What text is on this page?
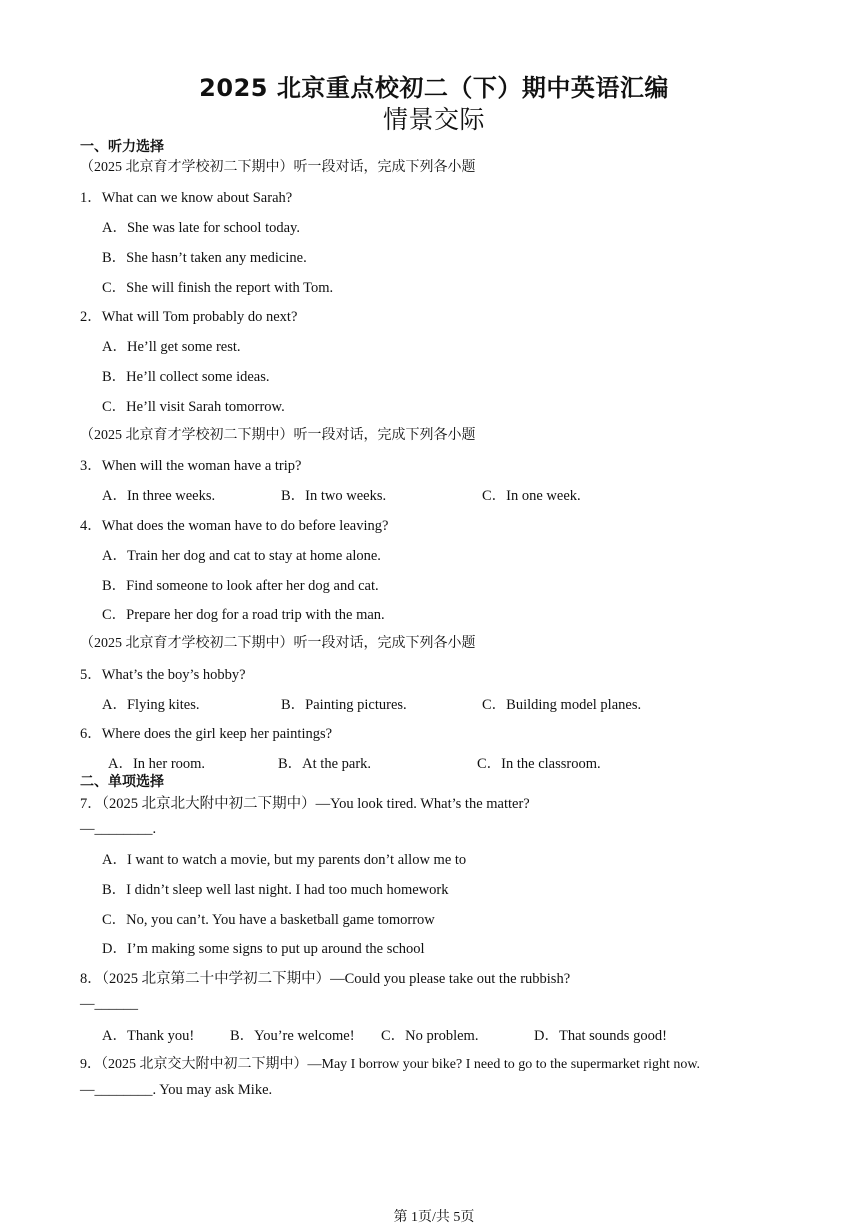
2025 北京重点校初二（下）期中英语汇编
情景交际
一、听力选择
（2025 北京育才学校初二下期中）听一段对话，完成下列各小题
1．What can we know about Sarah?
A．She was late for school today.
B．She hasn’t taken any medicine.
C．She will finish the report with Tom.
2．What will Tom probably do next?
A．He’ll get some rest.
B．He’ll collect some ideas.
C．He’ll visit Sarah tomorrow.
（2025 北京育才学校初二下期中）听一段对话，完成下列各小题
3．When will the woman have a trip?
A．In three weeks.	B．In two weeks.	C．In one week.
4．What does the woman have to do before leaving?
A．Train her dog and cat to stay at home alone.
B．Find someone to look after her dog and cat.
C．Prepare her dog for a road trip with the man.
（2025 北京育才学校初二下期中）听一段对话，完成下列各小题
5．What’s the boy’s hobby?
A．Flying kites.	B．Painting pictures.	C．Building model planes.
6．Where does the girl keep her paintings?
A．In her room.	B．At the park.	C．In the classroom.
二、单项选择
7．（2025 北京北大附中初二下期中）—You look tired. What’s the matter?
—________.
A．I want to watch a movie, but my parents don’t allow me to
B．I didn’t sleep well last night. I had too much homework
C．No, you can’t. You have a basketball game tomorrow
D．I’m making some signs to put up around the school
8．（2025 北京第二十中学初二下期中）—Could you please take out the rubbish?
—______
A．Thank you! B．You’re welcome! C．No problem.	D．That sounds good!
9．（2025 北京交大附中初二下期中）—May I borrow your bike? I need to go to the supermarket right now.
—________. You may ask Mike.
第 1页/共 5页
